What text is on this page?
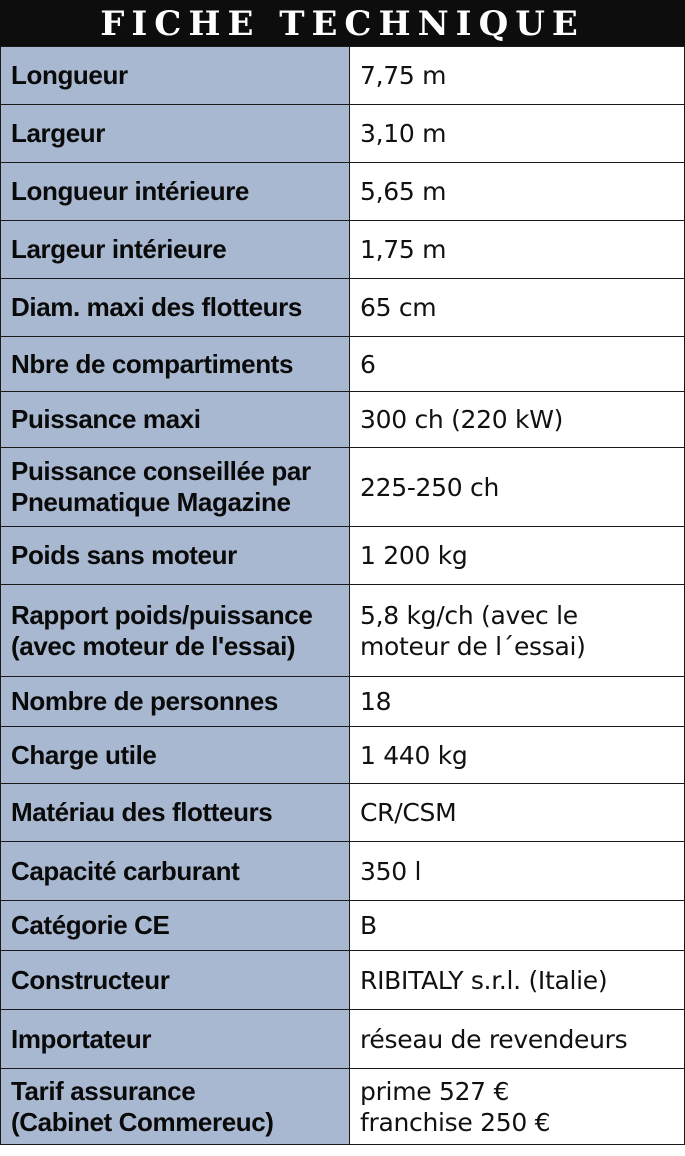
FICHE TECHNIQUE
Longueur	7,75 m
Largeur	3,10 m
Longueur intérieure	5,65 m
Largeur intérieure	1,75 m
Diam. maxi des flotteurs	65 cm
Nbre de compartiments	6
Puissance maxi	300 ch (220 kW)
Puissance conseillée par
Pneumatique Magazine	225-250 ch
Poids sans moteur	1 200 kg
Rapport poids/puissance
(avec moteur de l'essai)	5,8 kg/ch (avec le
moteur de l´essai)
Nombre de personnes	18
Charge utile	1 440 kg
Matériau des flotteurs	CR/CSM
Capacité carburant	350 l
Catégorie CE	B
Constructeur	RIBITALY s.r.l. (Italie)
Importateur	réseau de revendeurs
Tarif assurance
(Cabinet Commereuc)	prime 527 €
franchise 250 €
